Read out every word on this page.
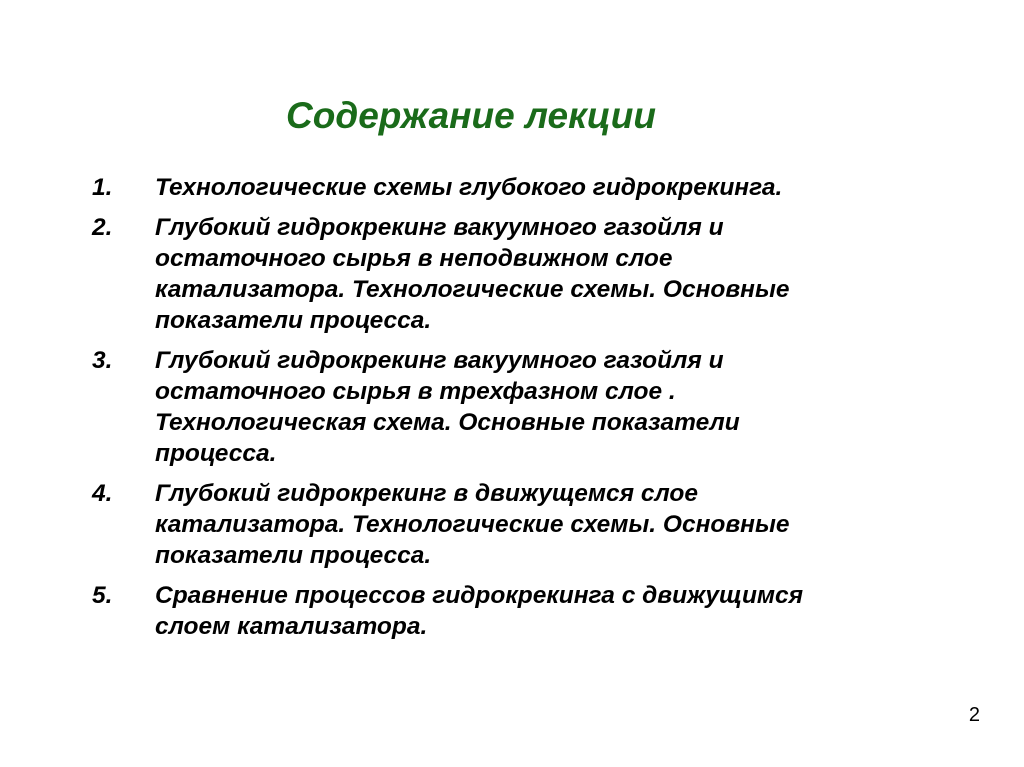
Содержание лекции
1. Технологические схемы глубокого гидрокрекинга.
2. Глубокий гидрокрекинг вакуумного газойля и
остаточного сырья в неподвижном слое
катализатора. Технологические схемы. Основные
показатели процесса.
3. Глубокий гидрокрекинг вакуумного газойля и
остаточного сырья в трехфазном слое .
Технологическая схема. Основные показатели
процесса.
4. Глубокий гидрокрекинг в движущемся слое
катализатора. Технологические схемы. Основные
показатели процесса.
5. Сравнение процессов гидрокрекинга с движущимся
слоем катализатора.
2
